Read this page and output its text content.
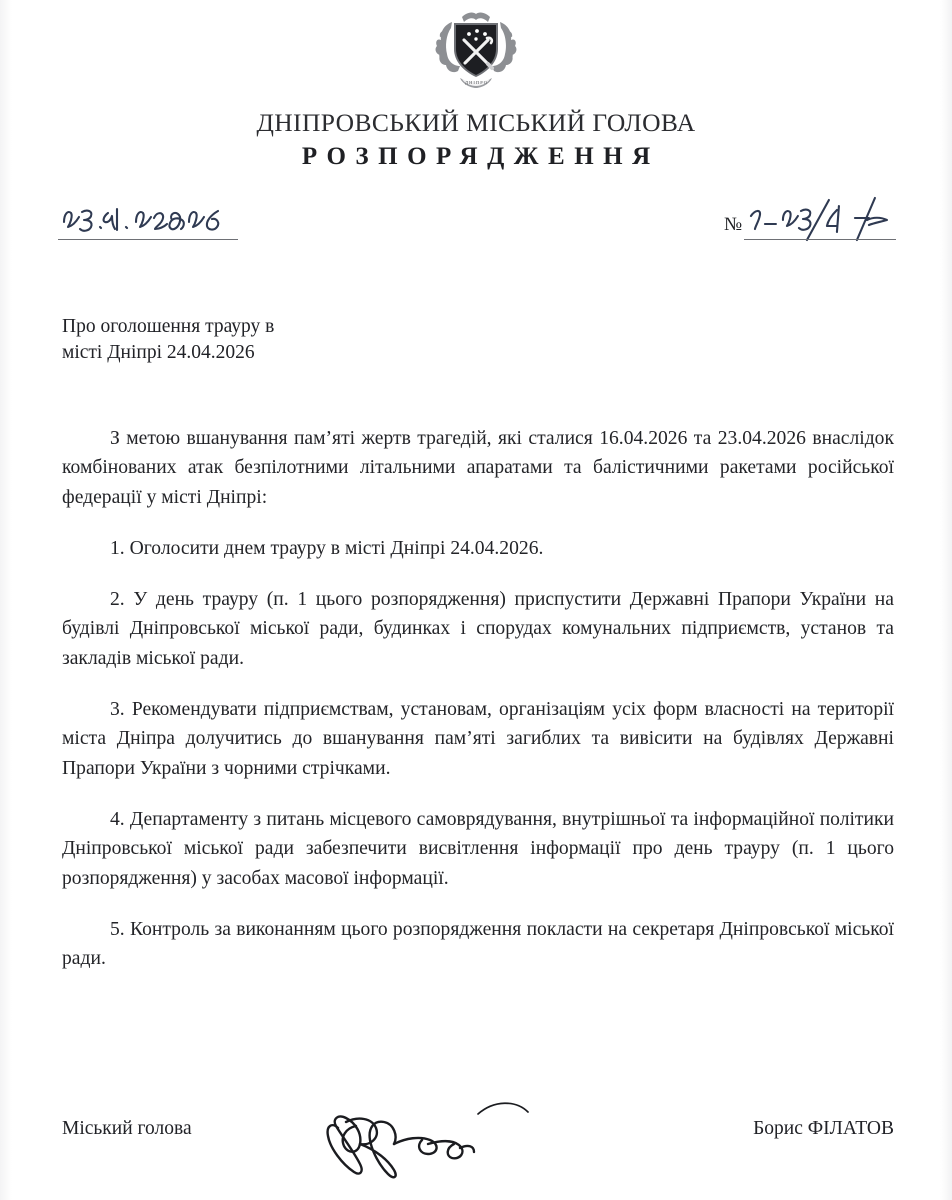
ДНІПРО
ДНІПРОВСЬКИЙ МІСЬКИЙ ГОЛОВА
РОЗПОРЯДЖЕННЯ
№
Про оголошення трауру в
місті Дніпрі 24.04.2026

З метою вшанування пам’яті жертв трагедій, які сталися 16.04.2026 та 23.04.2026 внаслідок комбінованих атак безпілотними літальними апаратами та балістичними ракетами російської федерації у місті Дніпрі:

1. Оголосити днем трауру в місті Дніпрі 24.04.2026.

2. У день трауру (п. 1 цього розпорядження) приспустити Державні Прапори України на будівлі Дніпровської міської ради, будинках і спорудах комунальних підприємств, установ та закладів міської ради.

3. Рекомендувати підприємствам, установам, організаціям усіх форм власності на території міста Дніпра долучитись до вшанування пам’яті загиблих та вивісити на будівлях Державні Прапори України з чорними стрічками.

4. Департаменту з питань місцевого самоврядування, внутрішньої та інформаційної політики Дніпровської міської ради забезпечити висвітлення інформації про день трауру (п. 1 цього розпорядження) у засобах масової інформації.

5. Контроль за виконанням цього розпорядження покласти на секретаря Дніпровської міської ради.

Міський голова	Борис ФІЛАТОВ
